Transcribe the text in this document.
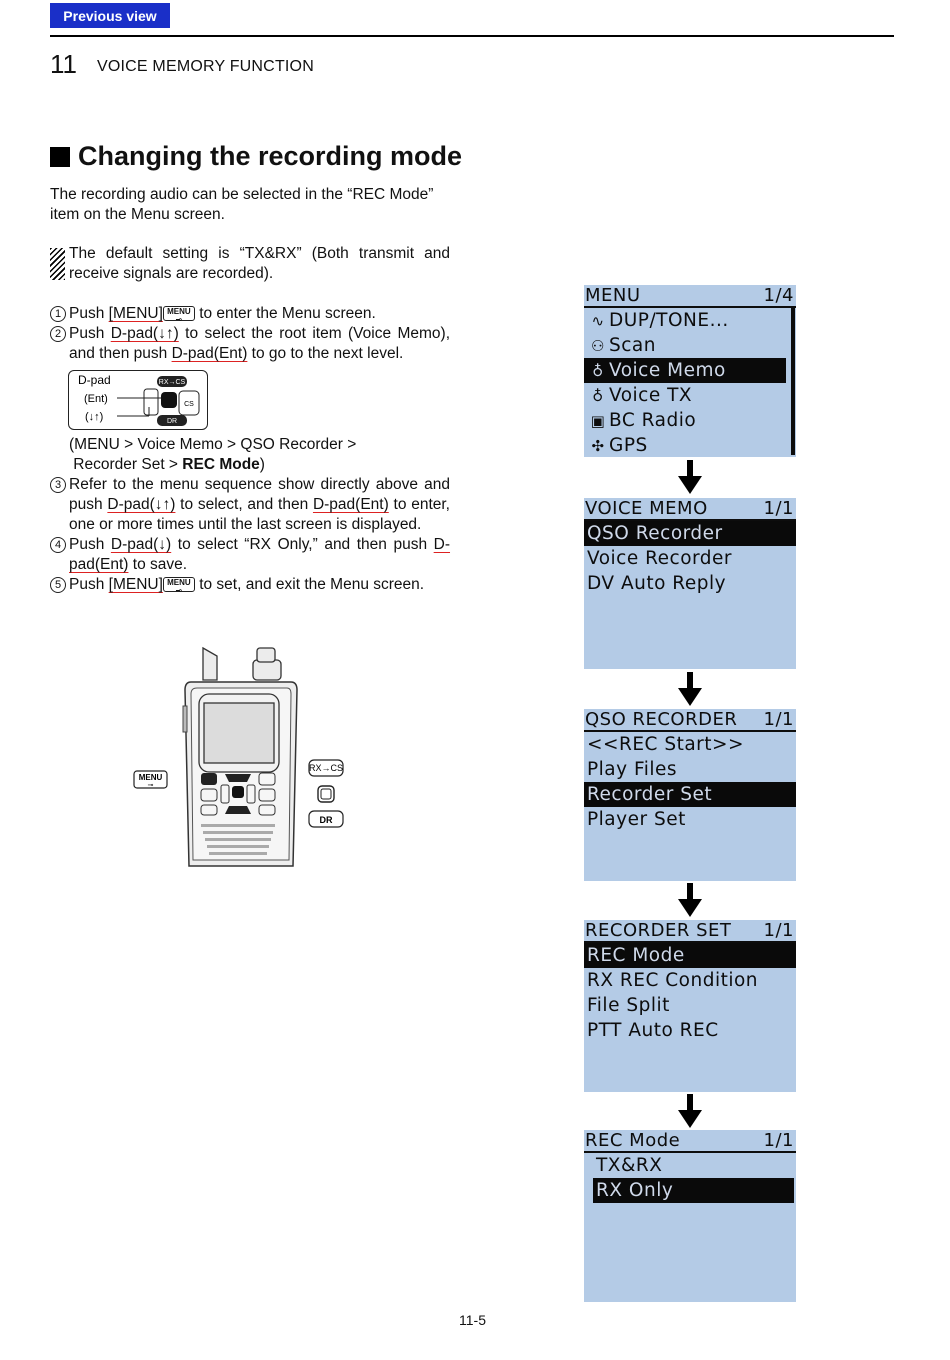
Previous view
11 VOICE MEMORY FUNCTION
Changing the recording mode
The recording audio can be selected in the “REC Mode” item on the Menu screen.
The default setting is “TX&RX” (Both transmit and receive signals are recorded).
1 Push [MENU] MENU
⊸ to enter the Menu screen.
2 Push D-pad(↓↑) to select the root item (Voice Memo), and then push D-pad(Ent) to go to the next level.
D-pad
(Ent)
(↓↑)
RX→CS
CS
DR
(MENU > Voice Memo > QSO Recorder >
Recorder Set > REC Mode)
3 Refer to the menu sequence show directly above and push D-pad(↓↑) to select, and then D-pad(Ent) to enter, one or more times until the last screen is displayed.
4 Push D-pad(↓) to select “RX Only,” and then push D-pad(Ent) to save.
5 Push [MENU] MENU
⊸ to set, and exit the Menu screen.
MENU
⊸
RX→CS
DR
MENU	1/4
∿ DUP/TONE...
⚇ Scan
♁ Voice Memo
♁ Voice TX
▣ BC Radio
✣ GPS
VOICE MEMO	1/1
QSO Recorder
Voice Recorder
DV Auto Reply
QSO RECORDER 1/1
<<REC Start>>
Play Files
Recorder Set
Player Set
RECORDER SET 1/1
REC Mode
RX REC Condition
File Split
PTT Auto REC
REC Mode	1/1
TX&RX
RX Only
11-5
